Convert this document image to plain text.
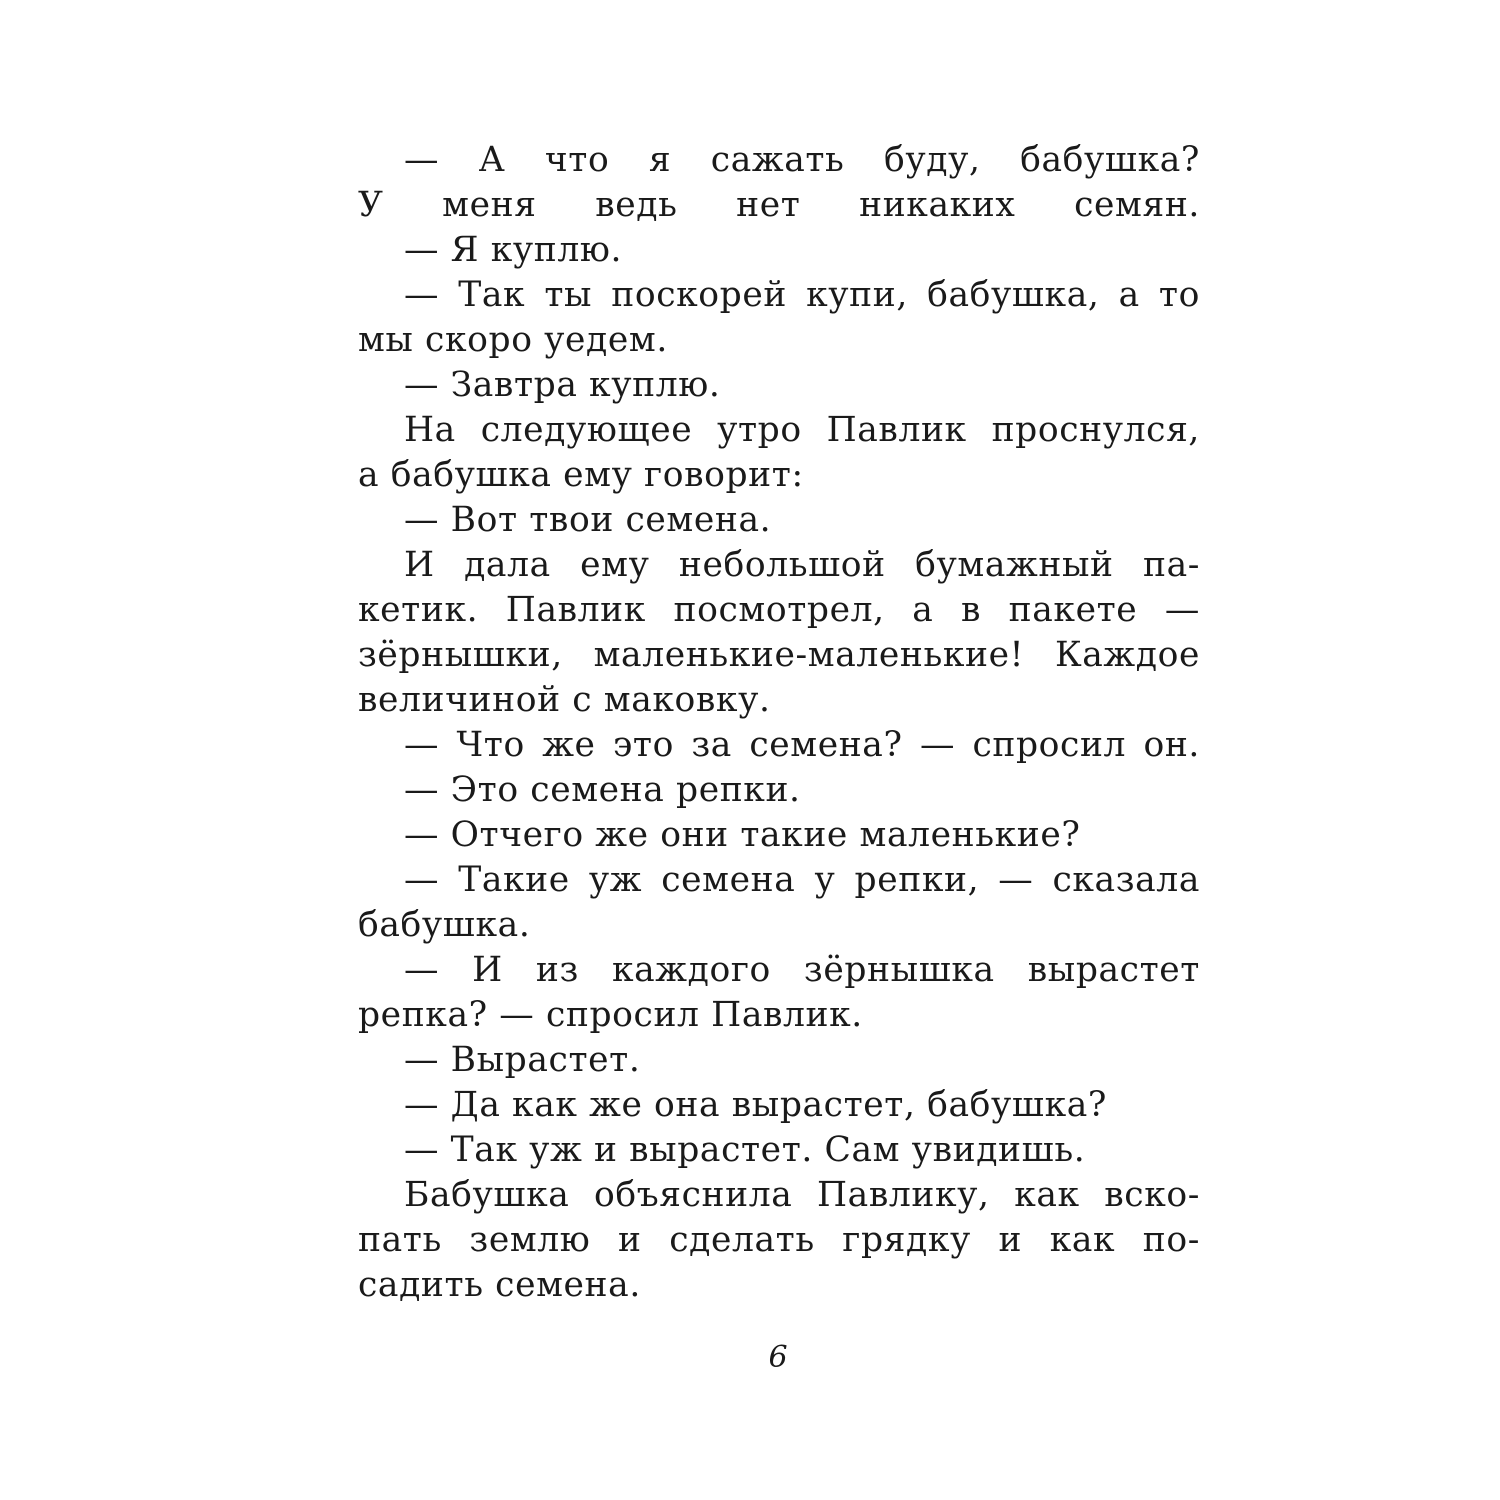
— А что я сажать буду, бабушка?
У меня ведь нет никаких семян.
— Я куплю.
— Так ты поскорей купи, бабушка, а то
мы скоро уедем.
— Завтра куплю.
На следующее утро Павлик проснулся,
а бабушка ему говорит:
— Вот твои семена.
И дала ему небольшой бумажный па-
кетик. Павлик посмотрел, а в пакете —
зёрнышки, маленькие-маленькие! Каждое
величиной с маковку.
— Что же это за семена? — спросил он.
— Это семена репки.
— Отчего же они такие маленькие?
— Такие уж семена у репки, — сказала
бабушка.
— И из каждого зёрнышка вырастет
репка? — спросил Павлик.
— Вырастет.
— Да как же она вырастет, бабушка?
— Так уж и вырастет. Сам увидишь.
Бабушка объяснила Павлику, как вско-
пать землю и сделать грядку и как по-
садить семена.
6
